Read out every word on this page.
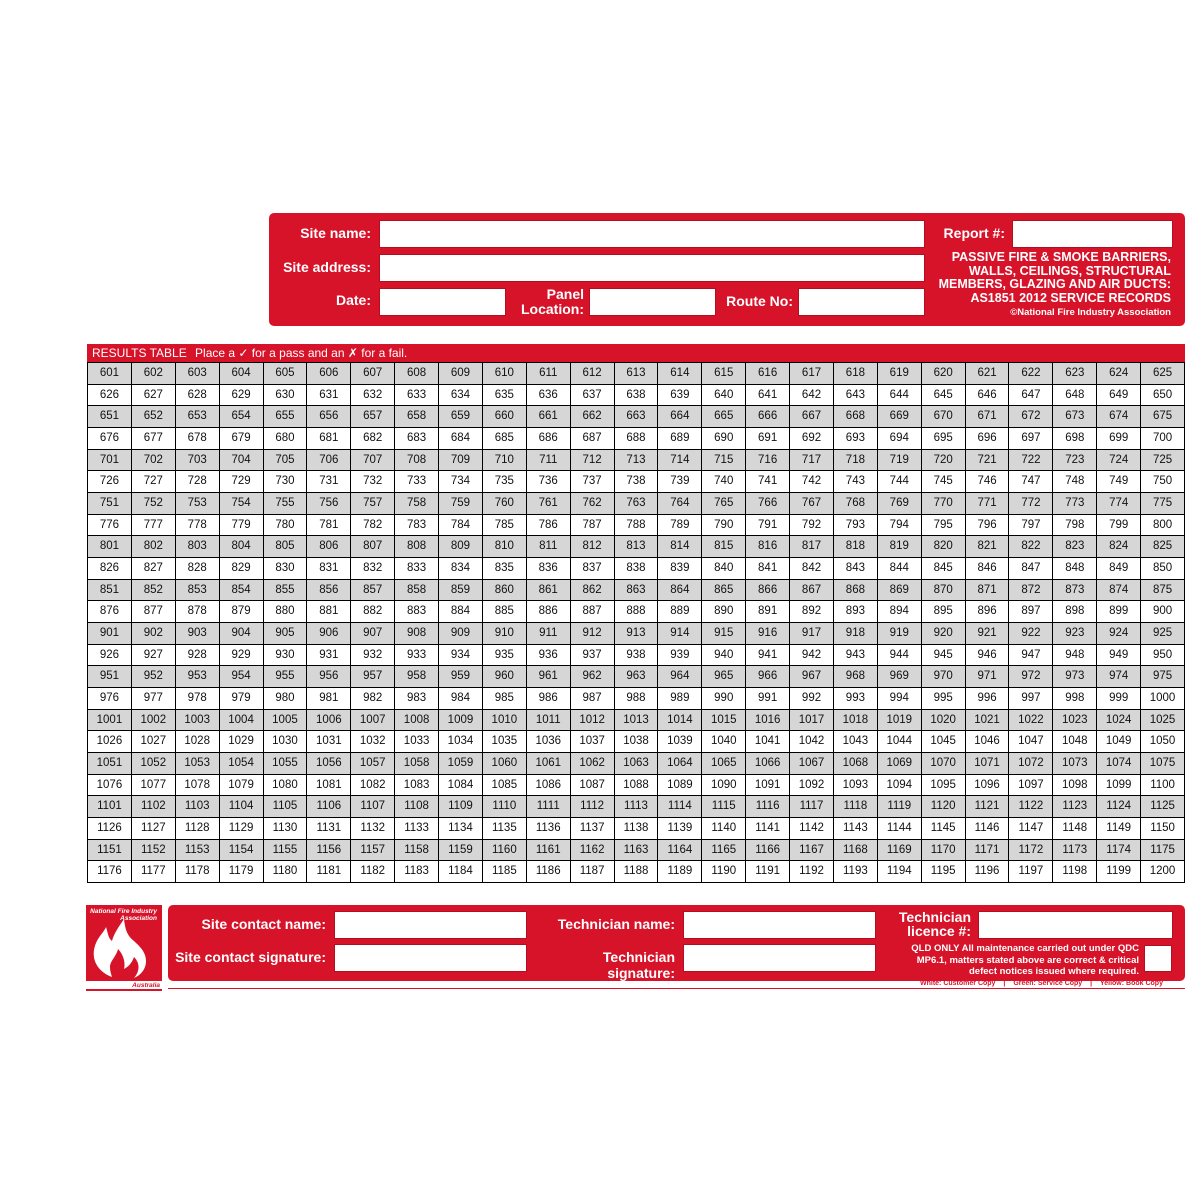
Site name:
Site address:
Date:	Panel
Location:	Route No:
Report #:
PASSIVE FIRE & SMOKE BARRIERS,
WALLS, CEILINGS, STRUCTURAL
MEMBERS, GLAZING AND AIR DUCTS:
AS1851 2012 SERVICE RECORDS
©National Fire Industry Association
RESULTS TABLE Place a ✓ for a pass and an ✗ for a fail.
601	602	603	604	605	606	607	608	609	610	611	612	613	614	615	616	617	618	619	620	621	622	623	624	625
626	627	628	629	630	631	632	633	634	635	636	637	638	639	640	641	642	643	644	645	646	647	648	649	650
651	652	653	654	655	656	657	658	659	660	661	662	663	664	665	666	667	668	669	670	671	672	673	674	675
676	677	678	679	680	681	682	683	684	685	686	687	688	689	690	691	692	693	694	695	696	697	698	699	700
701	702	703	704	705	706	707	708	709	710	711	712	713	714	715	716	717	718	719	720	721	722	723	724	725
726	727	728	729	730	731	732	733	734	735	736	737	738	739	740	741	742	743	744	745	746	747	748	749	750
751	752	753	754	755	756	757	758	759	760	761	762	763	764	765	766	767	768	769	770	771	772	773	774	775
776	777	778	779	780	781	782	783	784	785	786	787	788	789	790	791	792	793	794	795	796	797	798	799	800
801	802	803	804	805	806	807	808	809	810	811	812	813	814	815	816	817	818	819	820	821	822	823	824	825
826	827	828	829	830	831	832	833	834	835	836	837	838	839	840	841	842	843	844	845	846	847	848	849	850
851	852	853	854	855	856	857	858	859	860	861	862	863	864	865	866	867	868	869	870	871	872	873	874	875
876	877	878	879	880	881	882	883	884	885	886	887	888	889	890	891	892	893	894	895	896	897	898	899	900
901	902	903	904	905	906	907	908	909	910	911	912	913	914	915	916	917	918	919	920	921	922	923	924	925
926	927	928	929	930	931	932	933	934	935	936	937	938	939	940	941	942	943	944	945	946	947	948	949	950
951	952	953	954	955	956	957	958	959	960	961	962	963	964	965	966	967	968	969	970	971	972	973	974	975
976	977	978	979	980	981	982	983	984	985	986	987	988	989	990	991	992	993	994	995	996	997	998	999	1000
1001	1002	1003	1004	1005	1006	1007	1008	1009	1010	1011	1012	1013	1014	1015	1016	1017	1018	1019	1020	1021	1022	1023	1024	1025
1026	1027	1028	1029	1030	1031	1032	1033	1034	1035	1036	1037	1038	1039	1040	1041	1042	1043	1044	1045	1046	1047	1048	1049	1050
1051	1052	1053	1054	1055	1056	1057	1058	1059	1060	1061	1062	1063	1064	1065	1066	1067	1068	1069	1070	1071	1072	1073	1074	1075
1076	1077	1078	1079	1080	1081	1082	1083	1084	1085	1086	1087	1088	1089	1090	1091	1092	1093	1094	1095	1096	1097	1098	1099	1100
1101	1102	1103	1104	1105	1106	1107	1108	1109	1110	1111	1112	1113	1114	1115	1116	1117	1118	1119	1120	1121	1122	1123	1124	1125
1126	1127	1128	1129	1130	1131	1132	1133	1134	1135	1136	1137	1138	1139	1140	1141	1142	1143	1144	1145	1146	1147	1148	1149	1150
1151	1152	1153	1154	1155	1156	1157	1158	1159	1160	1161	1162	1163	1164	1165	1166	1167	1168	1169	1170	1171	1172	1173	1174	1175
1176	1177	1178	1179	1180	1181	1182	1183	1184	1185	1186	1187	1188	1189	1190	1191	1192	1193	1194	1195	1196	1197	1198	1199	1200
National Fire Industry Association
Australia
Site contact name:
Site contact signature:
Technician name:
Technician signature:
Technician
licence #:
QLD ONLY All maintenance carried out under QDC MP6.1, matters stated above are correct & critical defect notices issued where required.
White: Customer Copy | Green: Service Copy | Yellow: Book Copy
